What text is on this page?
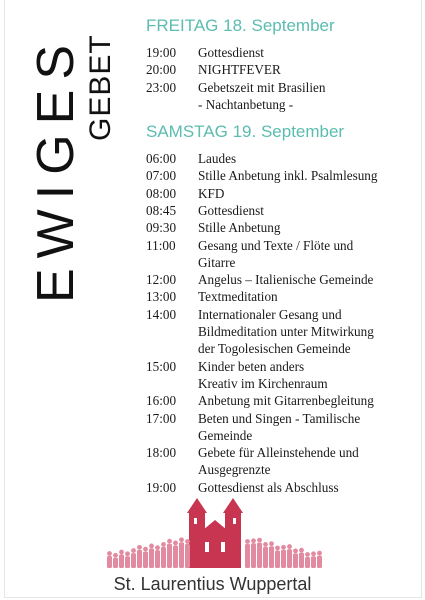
EWIGES GEBET
FREITAG 18. September
19:00 Gottesdienst
20:00 NIGHTFEVER
23:00 Gebetszeit mit Brasilien
- Nachtanbetung -
SAMSTAG 19. September
06:00 Laudes
07:00 Stille Anbetung inkl. Psalmlesung
08:00 KFD
08:45 Gottesdienst
09:30 Stille Anbetung
11:00 Gesang und Texte / Flöte und
Gitarre
12:00 Angelus – Italienische Gemeinde
13:00 Textmeditation
14:00 Internationaler Gesang und
Bildmeditation unter Mitwirkung
der Togolesischen Gemeinde
15:00 Kinder beten anders
Kreativ im Kirchenraum
16:00 Anbetung mit Gitarrenbegleitung
17:00 Beten und Singen - Tamilische
Gemeinde
18:00 Gebete für Alleinstehende und
Ausgegrenzte
19:00 Gottesdienst als Abschluss
St. Laurentius Wuppertal
